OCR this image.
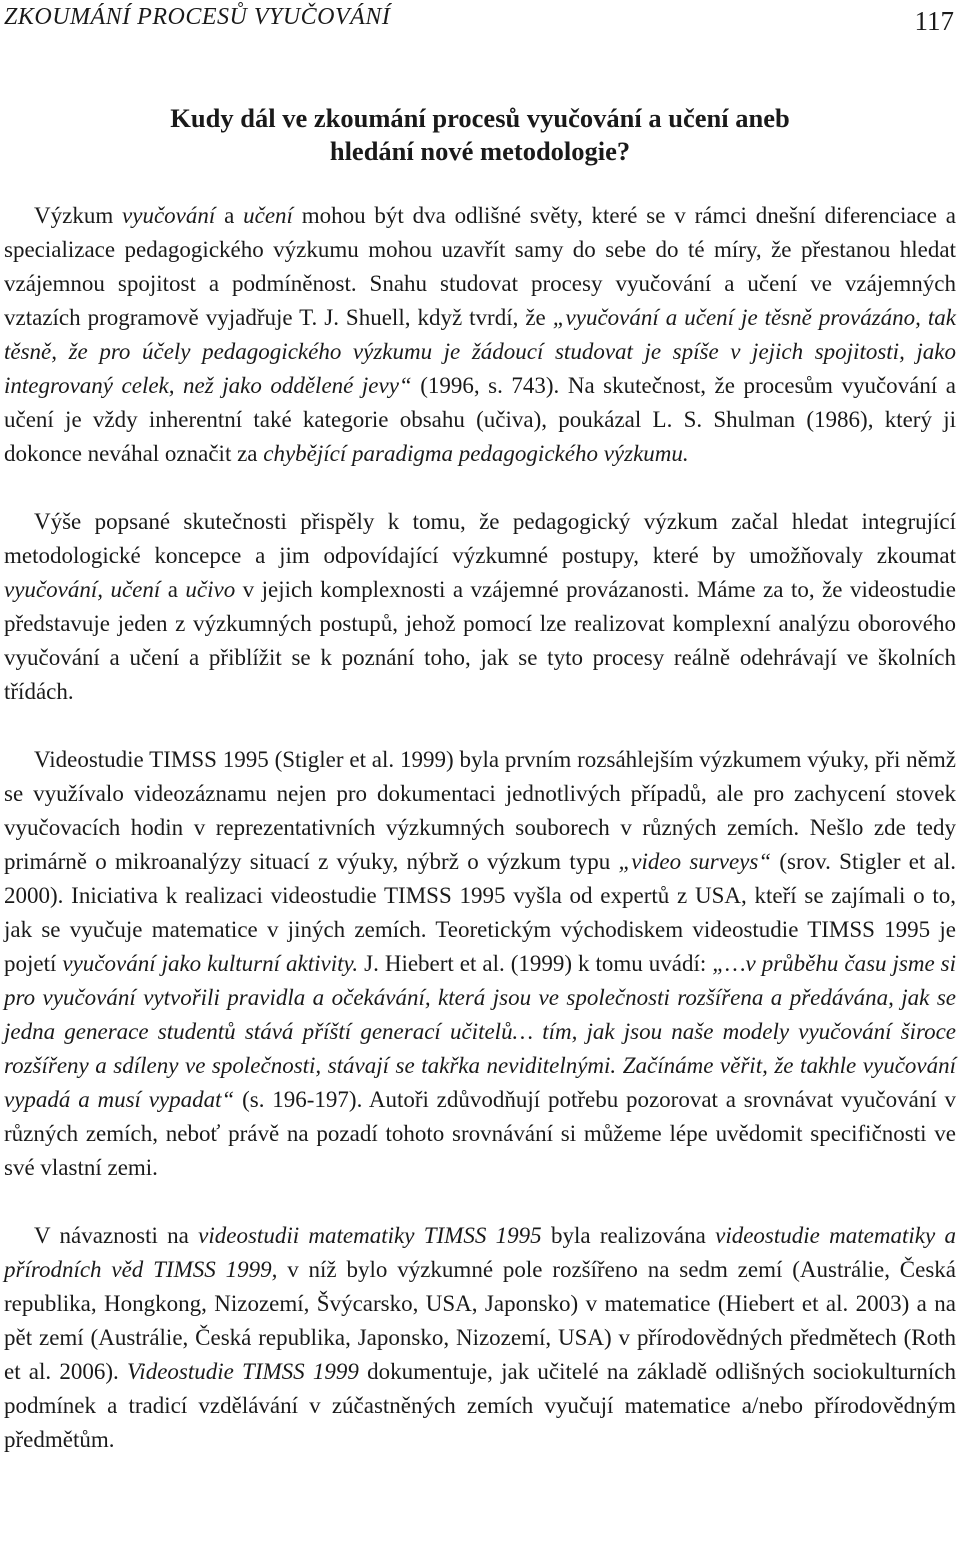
ZKOUMÁNÍ PROCESŮ VYUČOVÁNÍ	117
Kudy dál ve zkoumání procesů vyučování a učení aneb
hledání nové metodologie?

Výzkum vyučování a učení mohou být dva odlišné světy, které se v rámci dnešní diferenciace a specializace pedagogického výzkumu mohou uzavřít samy do sebe do té míry, že přestanou hledat vzájemnou spojitost a podmíněnost. Snahu studovat procesy vyučování a učení ve vzájemných vztazích programově vyjadřuje T. J. Shuell, když tvrdí, že „vyučování a učení je těsně provázáno, tak těsně, že pro účely pedagogického výzkumu je žádoucí studovat je spíše v jejich spojitosti, jako integrovaný celek, než jako oddělené jevy“ (1996, s. 743). Na skutečnost, že procesům vyučování a učení je vždy inherentní také kategorie obsahu (učiva), poukázal L. S. Shulman (1986), který ji dokonce neváhal označit za chybějící paradigma pedagogického výzkumu.

Výše popsané skutečnosti přispěly k tomu, že pedagogický výzkum začal hledat integrující metodologické koncepce a jim odpovídající výzkumné postupy, které by umožňovaly zkoumat vyučování, učení a učivo v jejich komplexnosti a vzájemné provázanosti. Máme za to, že videostudie představuje jeden z výzkumných postupů, jehož pomocí lze realizovat komplexní analýzu oborového vyučování a učení a přiblížit se k poznání toho, jak se tyto procesy reálně odehrávají ve školních třídách.

Videostudie TIMSS 1995 (Stigler et al. 1999) byla prvním rozsáhlejším výzkumem výuky, při němž se využívalo videozáznamu nejen pro dokumentaci jednotlivých případů, ale pro zachycení stovek vyučovacích hodin v reprezentativních výzkumných souborech v různých zemích. Nešlo zde tedy primárně o mikroanalýzy situací z výuky, nýbrž o výzkum typu „video surveys“ (srov. Stigler et al. 2000). Iniciativa k realizaci videostudie TIMSS 1995 vyšla od expertů z USA, kteří se zajímali o to, jak se vyučuje matematice v jiných zemích. Teoretickým východiskem videostudie TIMSS 1995 je pojetí vyučování jako kulturní aktivity. J. Hiebert et al. (1999) k tomu uvádí: „…v průběhu času jsme si pro vyučování vytvořili pravidla a očekávání, která jsou ve společnosti rozšířena a předávána, jak se jedna generace studentů stává příští generací učitelů… tím, jak jsou naše modely vyučování široce rozšířeny a sdíleny ve společnosti, stávají se takřka neviditelnými. Začínáme věřit, že takhle vyučování vypadá a musí vypadat“ (s. 196-197). Autoři zdůvodňují potřebu pozorovat a srovnávat vyučování v různých zemích, neboť právě na pozadí tohoto srovnávání si můžeme lépe uvědomit specifičnosti ve své vlastní zemi.

V návaznosti na videostudii matematiky TIMSS 1995 byla realizována videostudie matematiky a přírodních věd TIMSS 1999, v níž bylo výzkumné pole rozšířeno na sedm zemí (Austrálie, Česká republika, Hongkong, Nizozemí, Švýcarsko, USA, Japonsko) v matematice (Hiebert et al. 2003) a na pět zemí (Austrálie, Česká republika, Japonsko, Nizozemí, USA) v přírodovědných předmětech (Roth et al. 2006). Videostudie TIMSS 1999 dokumentuje, jak učitelé na základě odlišných sociokulturních podmínek a tradicí vzdělávání v zúčastněných zemích vyučují matematice a/nebo přírodovědným předmětům.
